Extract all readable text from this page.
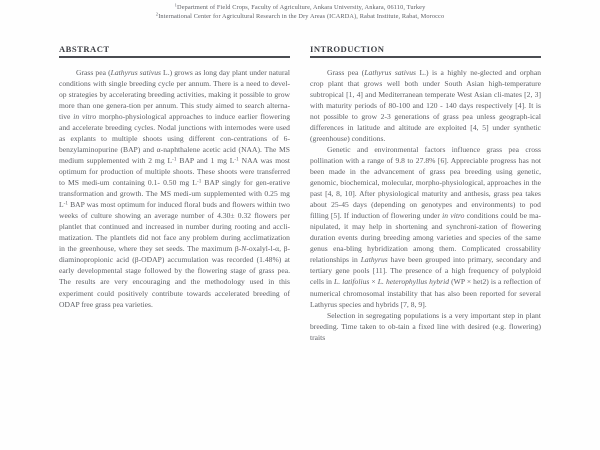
$^1$Department of Field Crops, Faculty of Agriculture, Ankara University, Ankara, 06110, Turkey
$^2$International Center for Agricultural Research in the Dry Areas (ICARDA), Rabat Institute, Rabat, Morocco
ABSTRACT

Grass pea (Lathyrus sativus L.) grows as long day plant under natural conditions with single breeding cycle per annum. There is a need to devel-op strategies by accelerating breeding activities, making it possible to grow more than one genera-tion per annum. This study aimed to search alterna-tive in vitro morpho-physiological approaches to induce earlier flowering and accelerate breeding cycles. Nodal junctions with internodes were used as explants to multiple shoots using different con-centrations of 6-benzylaminopurine (BAP) and α-naphthalene acetic acid (NAA). The MS medium supplemented with 2 mg $L^{-1}$ BAP and 1 mg $L^{-1}$ NAA was most optimum for production of multiple shoots. These shoots were transferred to MS medi-um containing 0.1- 0.50 mg $L^{-1}$ BAP singly for gen-erative transformation and growth. The MS medi-um supplemented with 0.25 mg $L^{-1}$ BAP was most optimum for induced floral buds and flowers within two weeks of culture showing an average number of 4.30± 0.32 flowers per plantlet that continued and increased in number during rooting and accli-matization. The plantlets did not face any problem during acclimatization in the greenhouse, where they set seeds. The maximum β-N-oxalyl-l-α, β-diaminopropionic acid (β-ODAP) accumulation was recorded (1.48%) at early developmental stage followed by the flowering stage of grass pea. The results are very encouraging and the methodology used in this experiment could positively contribute towards accelerated breeding of ODAP free grass pea varieties.

INTRODUCTION

Grass pea (Lathyrus sativus L.) is a highly ne-glected and orphan crop plant that grows well both under South Asian high-temperature subtropical [1, 4] and Mediterranean temperate West Asian cli-mates [2, 3] with maturity periods of 80-100 and 120 - 140 days respectively [4]. It is not possible to grow 2-3 generations of grass pea unless geograph-ical differences in latitude and altitude are exploited [4, 5] under synthetic (greenhouse) conditions.

Genetic and environmental factors influence grass pea cross pollination with a range of 9.8 to 27.8% [6]. Appreciable progress has not been made in the advancement of grass pea breeding using genetic, genomic, biochemical, molecular, morpho-physiological, approaches in the past [4, 8, 10]. After physiological maturity and anthesis, grass pea takes about 25-45 days (depending on genotypes and environments) to pod filling [5]. If induction of flowering under in vitro conditions could be ma-nipulated, it may help in shortening and synchroni-zation of flowering duration events during breeding among varieties and species of the same genus ena-bling hybridization among them. Complicated crossability relationships in Lathyrus have been grouped into primary, secondary and tertiary gene pools [11]. The presence of a high frequency of polyploid cells in L. latifolius × L. heterophyllus hybrid (WP × het2) is a reflection of numerical chromosomal instability that has also been reported for several Lathyrus species and hybrids [7, 8, 9].

Selection in segregating populations is a very important step in plant breeding. Time taken to ob-tain a fixed line with desired (e.g. flowering) traits
